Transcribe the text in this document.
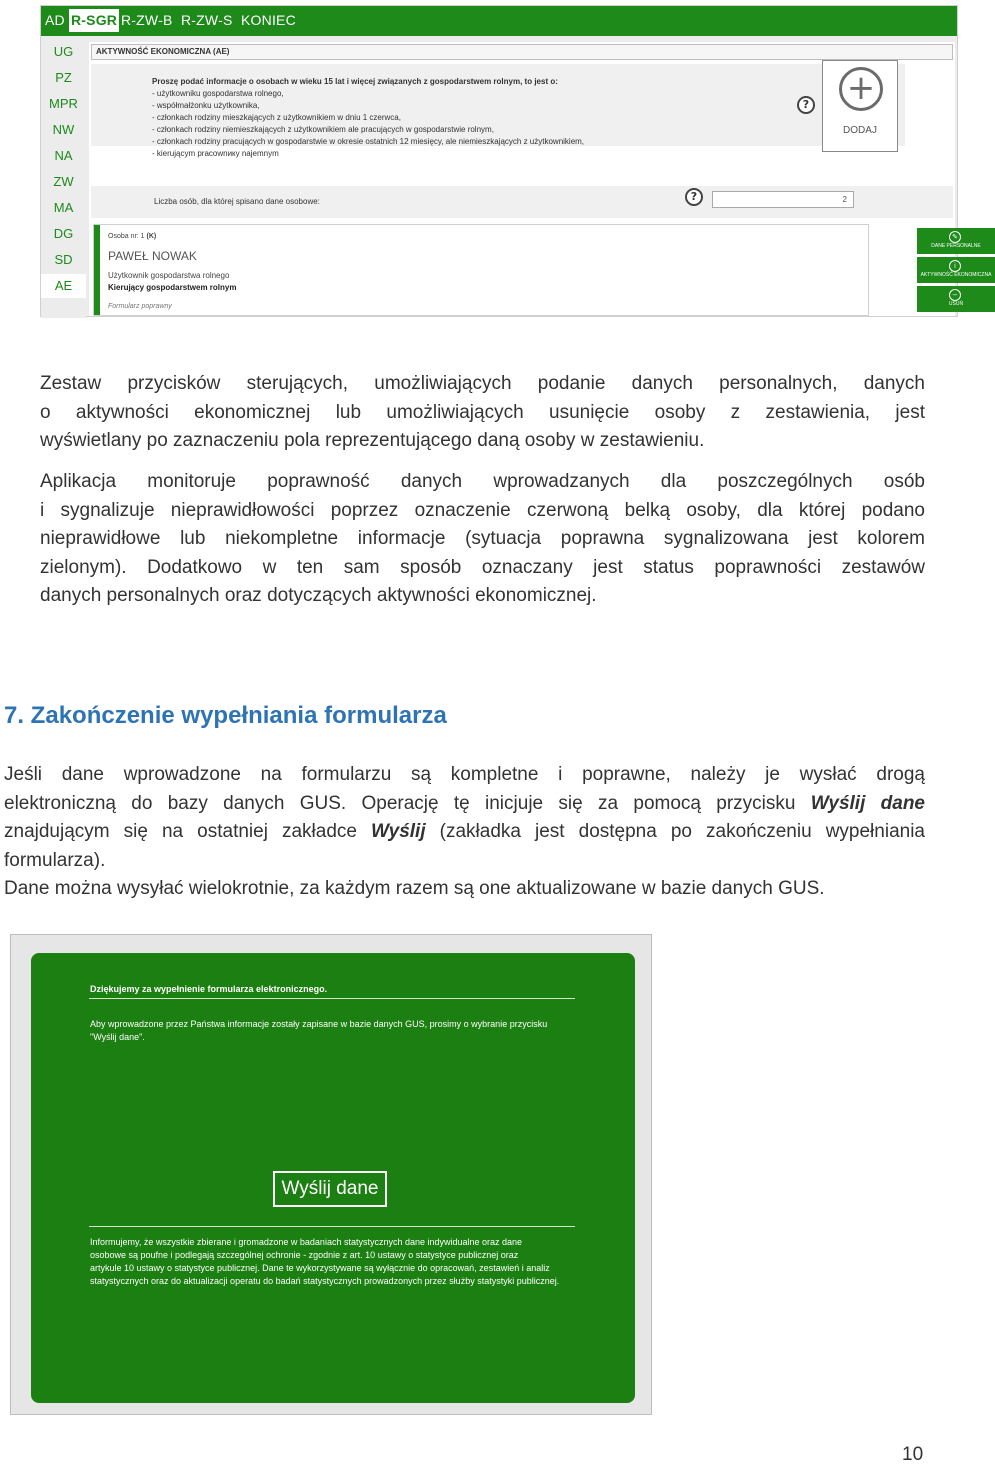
AD R-SGR R-ZW-B R-ZW-S KONIEC
UG
PZ
MPR
NW
NA
ZW
MA
DG
SD
AE
AKTYWNOŚĆ EKONOMICZNA (AE)
Proszę podać informacje o osobach w wieku 15 lat i więcej związanych z gospodarstwem rolnym, to jest o:
- użytkowniku gospodarstwa rolnego,
- współmałżonku użytkownika,
- członkach rodziny mieszkających z użytkownikiem w dniu 1 czerwca,
- członkach rodziny niemieszkających z użytkownikiem ale pracujących w gospodarstwie rolnym,
- członkach rodziny pracujących w gospodarstwie w okresie ostatnich 12 miesięcy, ale niemieszkających z użytkownikiem,
- kierującym pracownику najemnym
Liczba osób, dla której spisano dane osobowe:
? +
DODAJ
?	2
Osoba nr: 1 (K)
PAWEŁ NOWAK
Użytkownik gospodarstwa rolnego
Kierujący gospodarstwem rolnym
Formularz poprawny
✎
DANE PERSONALNE
i
AKTYWNOŚĆ EKONOMICZNA
−
USUŃ
Zestaw przycisków sterujących, umożliwiających podanie danych personalnych, danych
o aktywności ekonomicznej lub umożliwiających usunięcie osoby z zestawienia, jest
wyświetlany po zaznaczeniu pola reprezentującego daną osoby w zestawieniu.
Aplikacja monitoruje poprawność danych wprowadzanych dla poszczególnych osób
i sygnalizuje nieprawidłowości poprzez oznaczenie czerwoną belką osoby, dla której podano
nieprawidłowe lub niekompletne informacje (sytuacja poprawna sygnalizowana jest kolorem
zielonym). Dodatkowo w ten sam sposób oznaczany jest status poprawności zestawów
danych personalnych oraz dotyczących aktywności ekonomicznej.
7. Zakończenie wypełniania formularza
Jeśli dane wprowadzone na formularzu są kompletne i poprawne, należy je wysłać drogą
elektroniczną do bazy danych GUS. Operację tę inicjuje się za pomocą przycisku Wyślij dane
znajdującym się na ostatniej zakładce Wyślij (zakładka jest dostępna po zakończeniu wypełniania
formularza).
Dane można wysyłać wielokrotnie, za każdym razem są one aktualizowane w bazie danych GUS.
Dziękujemy za wypełnienie formularza elektronicznego.
Aby wprowadzone przez Państwa informacje zostały zapisane w bazie danych GUS, prosimy o wybranie przycisku
"Wyślij dane".
Wyślij dane
Informujemy, że wszystkie zbierane i gromadzone w badaniach statystycznych dane indywidualne oraz dane
osobowe są poufne i podlegają szczególnej ochronie - zgodnie z art. 10 ustawy o statystyce publicznej oraz
artykule 10 ustawy o statystyce publicznej. Dane te wykorzystywane są wyłącznie do opracowań, zestawień i analiz
statystycznych oraz do aktualizacji operatu do badań statystycznych prowadzonych przez służby statystyki publicznej.
10
